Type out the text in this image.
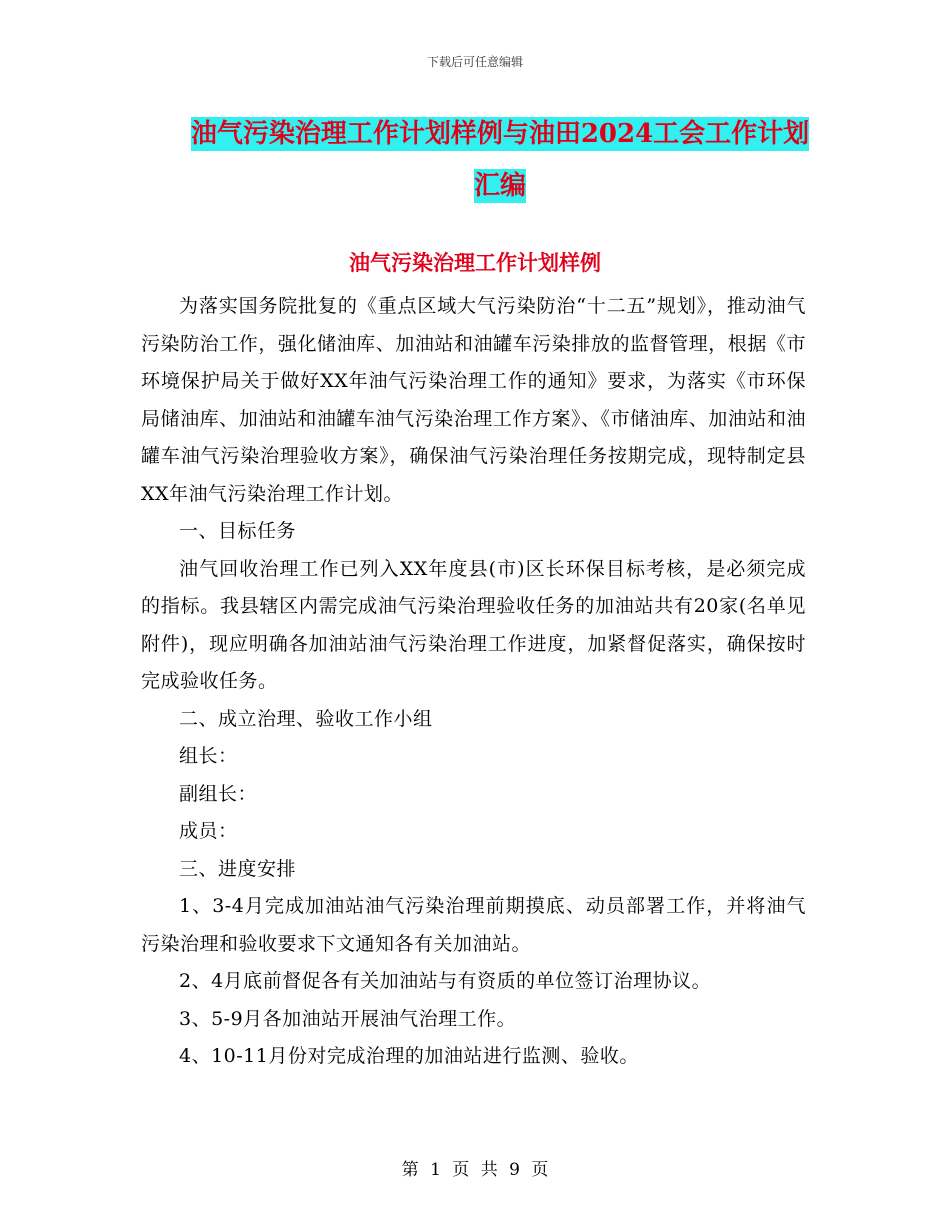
下载后可任意编辑
油气污染治理工作计划样例与油田2024工会工作计划
汇编
油气污染治理工作计划样例

为落实国务院批复的《重点区域大气污染防治“十二五”规划》，推动油气污染防治工作，强化储油库、加油站和油罐车污染排放的监督管理，根据《市环境保护局关于做好XX年油气污染治理工作的通知》要求，为落实《市环保局储油库、加油站和油罐车油气污染治理工作方案》、《市储油库、加油站和油罐车油气污染治理验收方案》，确保油气污染治理任务按期完成，现特制定县XX年油气污染治理工作计划。

一、目标任务

油气回收治理工作已列入XX年度县(市)区长环保目标考核，是必须完成的指标。我县辖区内需完成油气污染治理验收任务的加油站共有20家(名单见附件)，现应明确各加油站油气污染治理工作进度，加紧督促落实，确保按时完成验收任务。

二、成立治理、验收工作小组

组长：

副组长：

成员：

三、进度安排

1、3-4月完成加油站油气污染治理前期摸底、动员部署工作，并将油气污染治理和验收要求下文通知各有关加油站。

2、4月底前督促各有关加油站与有资质的单位签订治理协议。

3、5-9月各加油站开展油气治理工作。

4、10-11月份对完成治理的加油站进行监测、验收。

第 1 页 共 9 页
